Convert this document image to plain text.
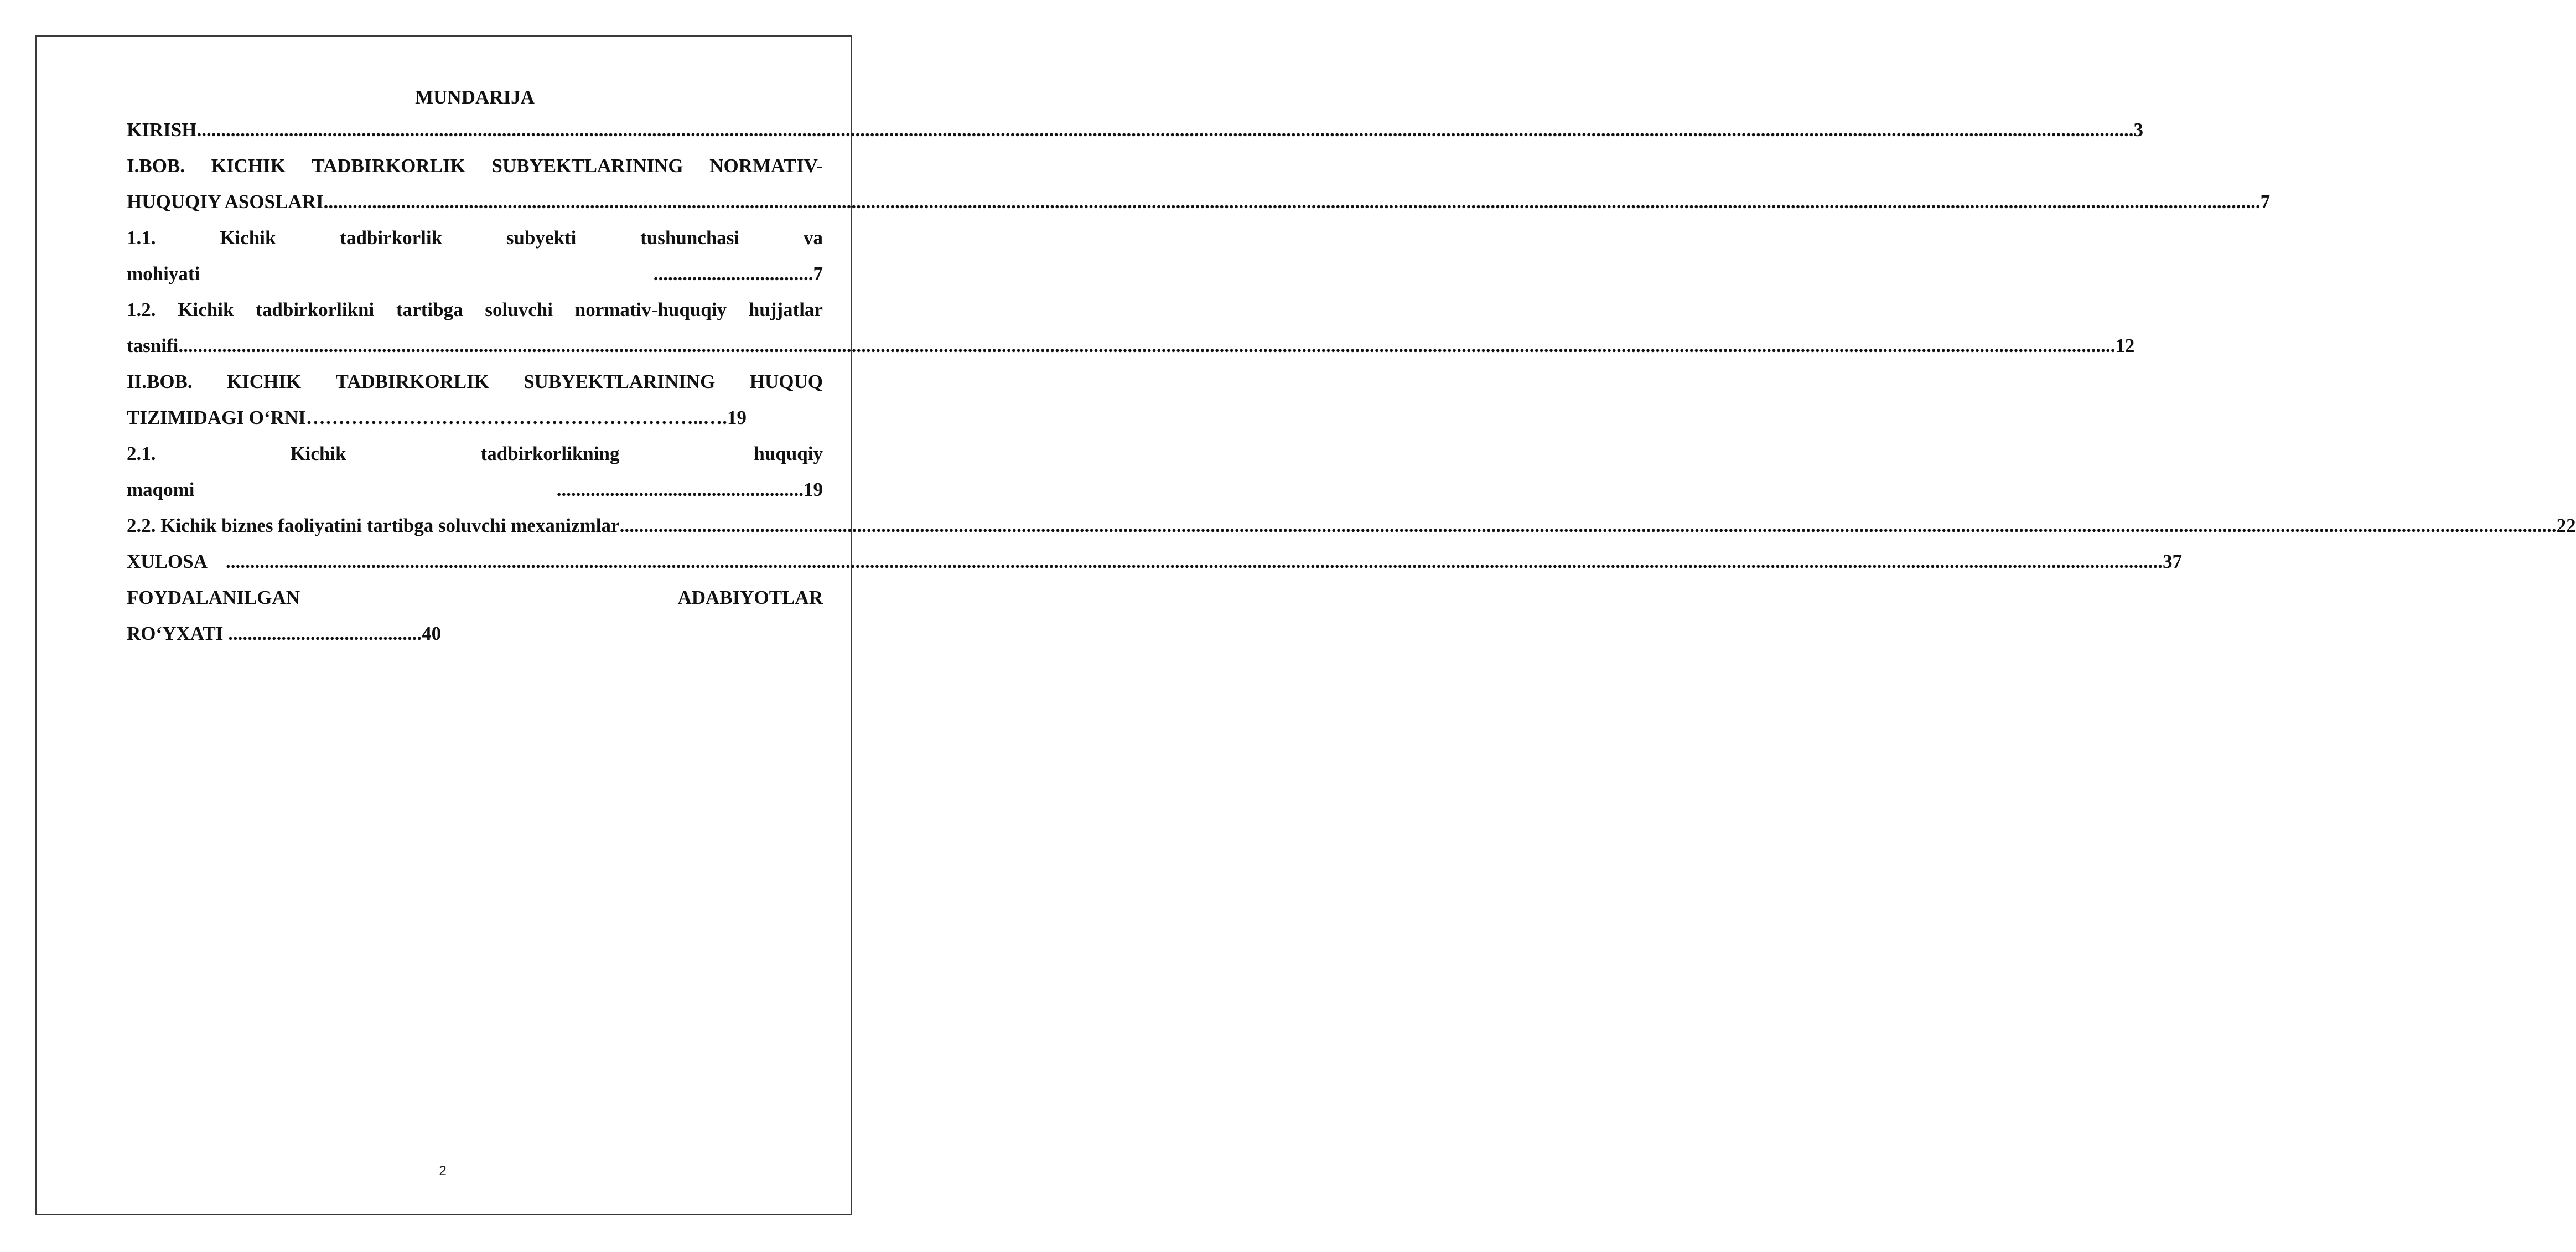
MUNDARIJA
KIRISH ................................................................................................................................................................................................................................................................................................................................................................................................................ 3
I.BOB. KICHIK TADBIRKORLIK SUBYEKTLARINING NORMATIV-
HUQUQIY ASOSLARI ................................................................................................................................................................................................................................................................................................................................................................................................................ 7
1.1.	Kichik	tadbirkorlik	subyekti	tushunchasi	va
mohiyati	.................................7
1.2. Kichik tadbirkorlikni tartibga soluvchi normativ-huquqiy hujjatlar
tasnifi ................................................................................................................................................................................................................................................................................................................................................................................................................ 12
II.BOB. KICHIK TADBIRKORLIK SUBYEKTLARINING HUQUQ
TIZIMIDAGI O‘RNI……………………………………………………..….19
2.1.	Kichik	tadbirkorlikning	huquqiy
maqomi	...................................................19
2.2. Kichik biznes faoliyatini tartibga soluvchi mexanizmlar ................................................................................................................................................................................................................................................................................................................................................................................................................ 22
XULOSA ................................................................................................................................................................................................................................................................................................................................................................................................................ 37
FOYDALANILGAN	ADABIYOTLAR
RO‘YXATI ........................................40
2
